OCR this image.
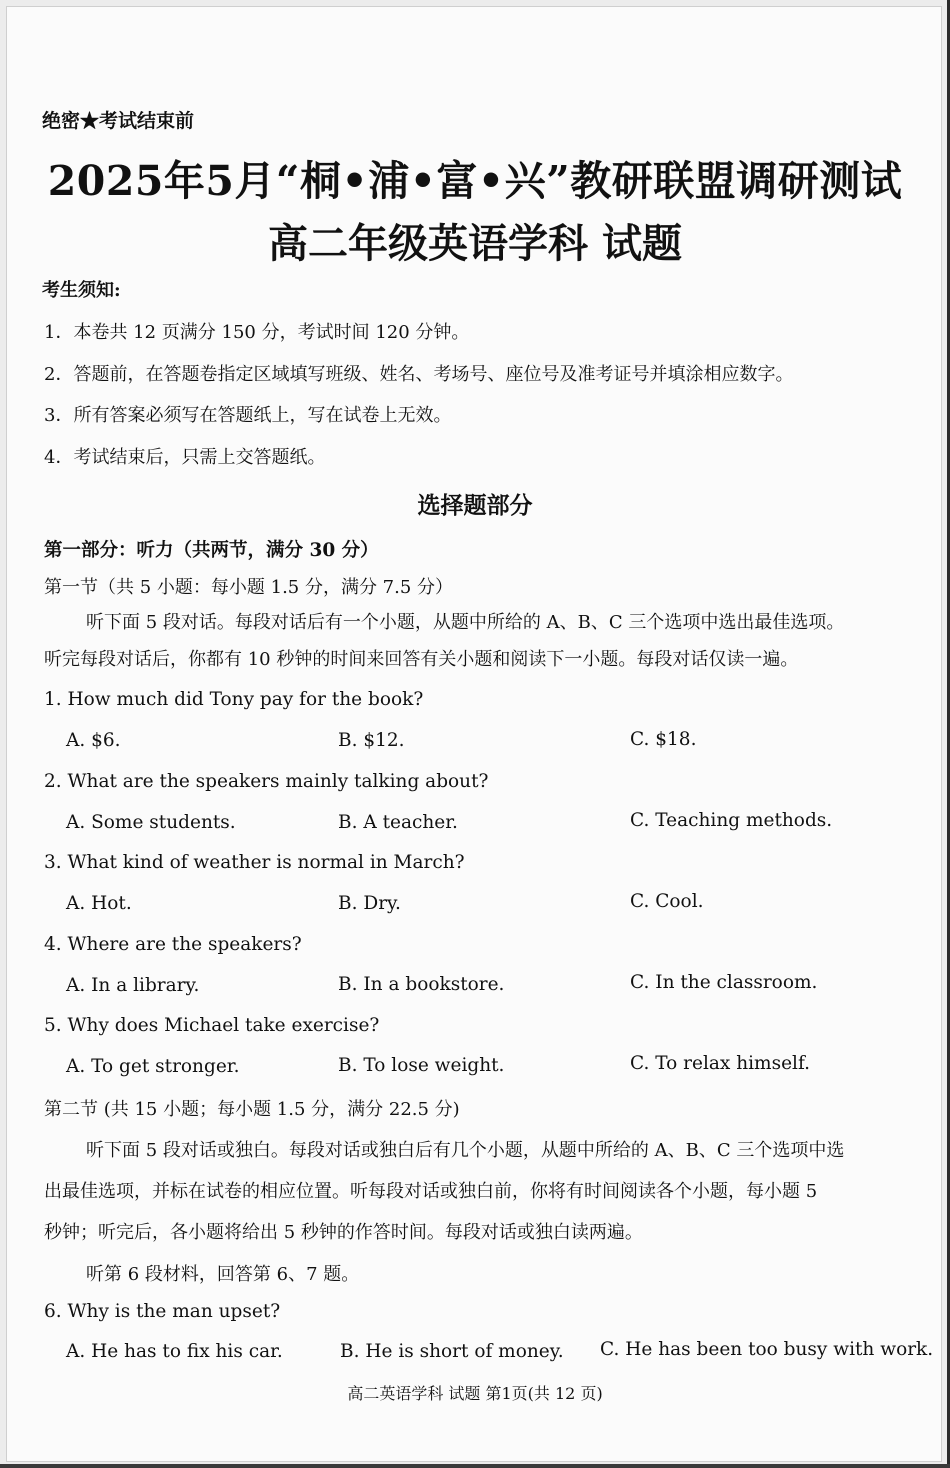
绝密★考试结束前
2025年5月“桐•浦•富•兴”教研联盟调研测试
高二年级英语学科 试题
考生须知:
1．本卷共 12 页满分 150 分，考试时间 120 分钟。
2．答题前，在答题卷指定区域填写班级、姓名、考场号、座位号及准考证号并填涂相应数字。
3．所有答案必须写在答题纸上，写在试卷上无效。
4．考试结束后，只需上交答题纸。
选择题部分
第一部分：听力（共两节，满分 30 分）
第一节（共 5 小题：每小题 1.5 分，满分 7.5 分）
听下面 5 段对话。每段对话后有一个小题，从题中所给的 A、B、C 三个选项中选出最佳选项。
听完每段对话后，你都有 10 秒钟的时间来回答有关小题和阅读下一小题。每段对话仅读一遍。
1. How much did Tony pay for the book?
A. $6.	B. $12.	C. $18.
2. What are the speakers mainly talking about?
A. Some students.	B. A teacher.	C. Teaching methods.
3. What kind of weather is normal in March?
A. Hot.	B. Dry.	C. Cool.
4. Where are the speakers?
A. In a library.	B. In a bookstore.	C. In the classroom.
5. Why does Michael take exercise?
A. To get stronger.	B. To lose weight.	C. To relax himself.
第二节 (共 15 小题；每小题 1.5 分，满分 22.5 分)
听下面 5 段对话或独白。每段对话或独白后有几个小题，从题中所给的 A、B、C 三个选项中选
出最佳选项，并标在试卷的相应位置。听每段对话或独白前，你将有时间阅读各个小题，每小题 5
秒钟；听完后，各小题将给出 5 秒钟的作答时间。每段对话或独白读两遍。
听第 6 段材料，回答第 6、7 题。
6. Why is the man upset?
A. He has to fix his car.	B. He is short of money. C. He has been too busy with work.
高二英语学科 试题 第1页(共 12 页)
